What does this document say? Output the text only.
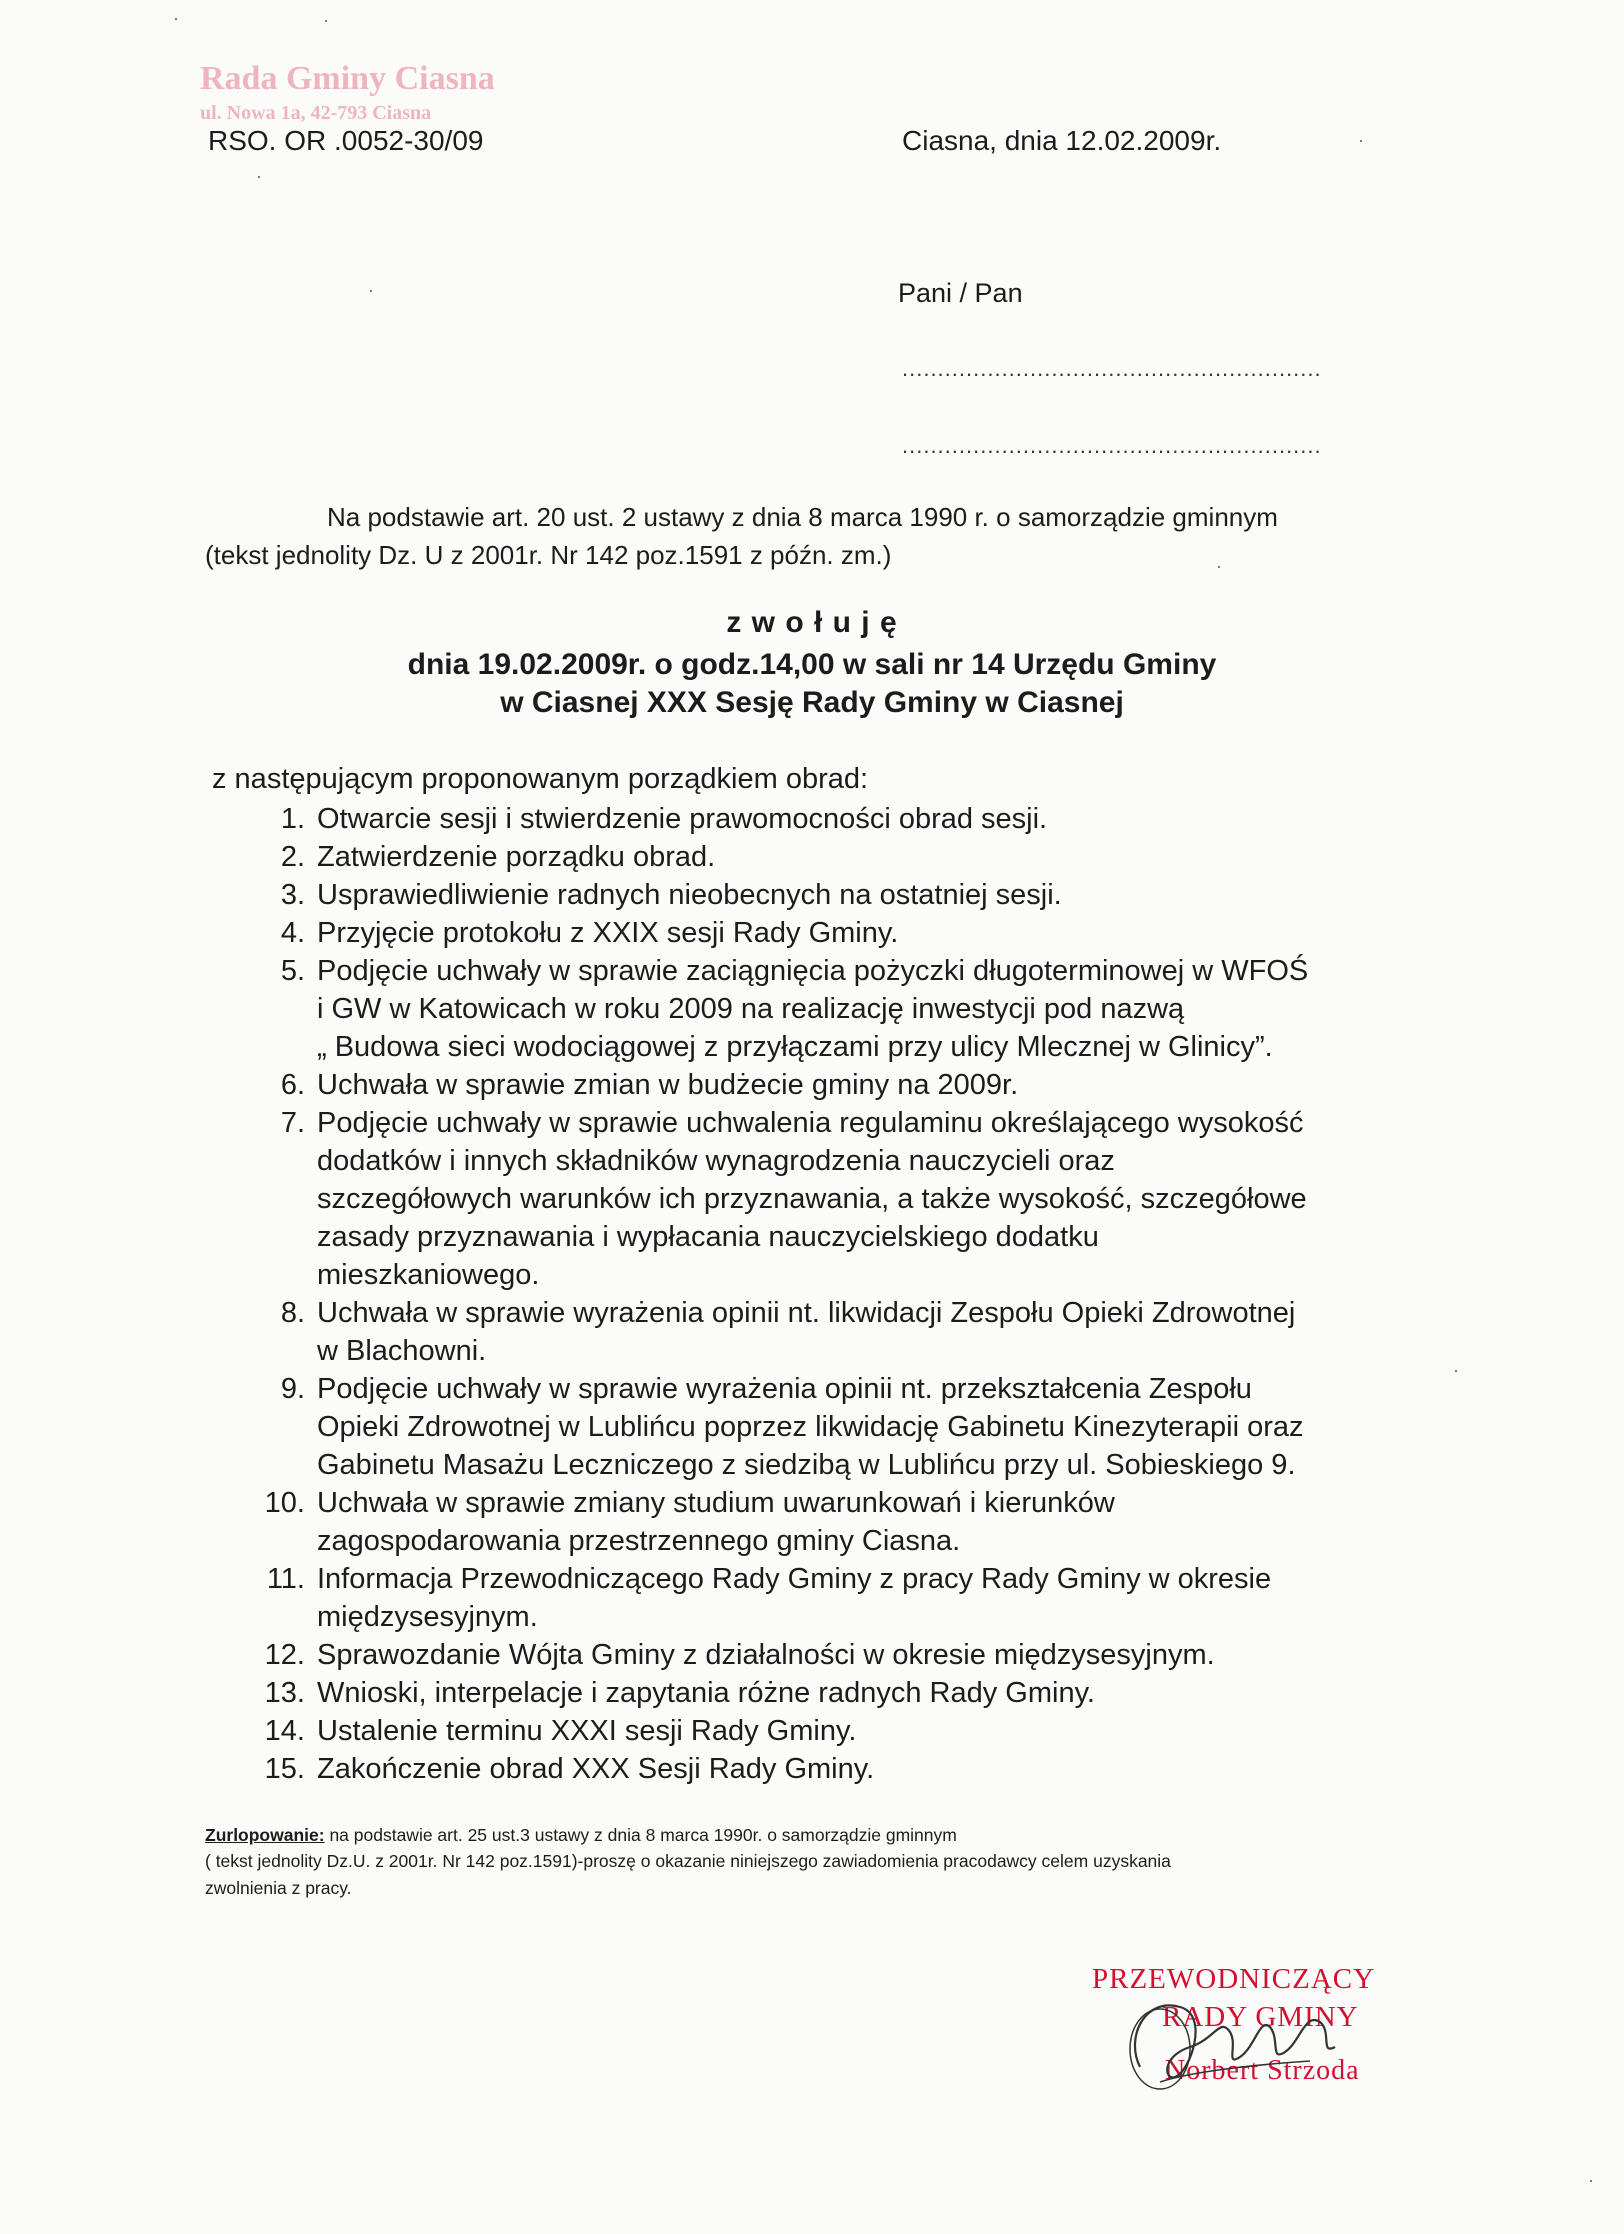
Rada Gminy Ciasna
ul. Nowa 1a, 42-793 Ciasna
RSO. OR .0052-30/09	Ciasna, dnia 12.02.2009r.
Pani / Pan
...........................................................
...........................................................
Na podstawie art. 20 ust. 2 ustawy z dnia 8 marca 1990 r. o samorządzie gminnym
(tekst jednolity Dz. U z 2001r. Nr 142 poz.1591 z późn. zm.)
z w o ł u j ę
dnia 19.02.2009r. o godz.14,00 w sali nr 14 Urzędu Gminy
w Ciasnej XXX Sesję Rady Gminy w Ciasnej
z następującym proponowanym porządkiem obrad:
1. Otwarcie sesji i stwierdzenie prawomocności obrad sesji.
2. Zatwierdzenie porządku obrad.
3. Usprawiedliwienie radnych nieobecnych na ostatniej sesji.
4. Przyjęcie protokołu z XXIX sesji Rady Gminy.
5. Podjęcie uchwały w sprawie zaciągnięcia pożyczki długoterminowej w WFOŚ
i GW w Katowicach w roku 2009 na realizację inwestycji pod nazwą
„ Budowa sieci wodociągowej z przyłączami przy ulicy Mlecznej w Glinicy”.
6. Uchwała w sprawie zmian w budżecie gminy na 2009r.
7. Podjęcie uchwały w sprawie uchwalenia regulaminu określającego wysokość
dodatków i innych składników wynagrodzenia nauczycieli oraz
szczegółowych warunków ich przyznawania, a także wysokość, szczegółowe
zasady przyznawania i wypłacania nauczycielskiego dodatku
mieszkaniowego.
8. Uchwała w sprawie wyrażenia opinii nt. likwidacji Zespołu Opieki Zdrowotnej
w Blachowni.
9. Podjęcie uchwały w sprawie wyrażenia opinii nt. przekształcenia Zespołu
Opieki Zdrowotnej w Lublińcu poprzez likwidację Gabinetu Kinezyterapii oraz
Gabinetu Masażu Leczniczego z siedzibą w Lublińcu przy ul. Sobieskiego 9.
10. Uchwała w sprawie zmiany studium uwarunkowań i kierunków
zagospodarowania przestrzennego gminy Ciasna.
11. Informacja Przewodniczącego Rady Gminy z pracy Rady Gminy w okresie
międzysesyjnym.
12. Sprawozdanie Wójta Gminy z działalności w okresie międzysesyjnym.
13. Wnioski, interpelacje i zapytania różne radnych Rady Gminy.
14. Ustalenie terminu XXXI sesji Rady Gminy.
15. Zakończenie obrad XXX Sesji Rady Gminy.
Zurlopowanie: na podstawie art. 25 ust.3 ustawy z dnia 8 marca 1990r. o samorządzie gminnym
( tekst jednolity Dz.U. z 2001r. Nr 142 poz.1591)-proszę o okazanie niniejszego zawiadomienia pracodawcy celem uzyskania
zwolnienia z pracy.
PRZEWODNICZĄCY
RADY GMINY
Norbert Strzoda
